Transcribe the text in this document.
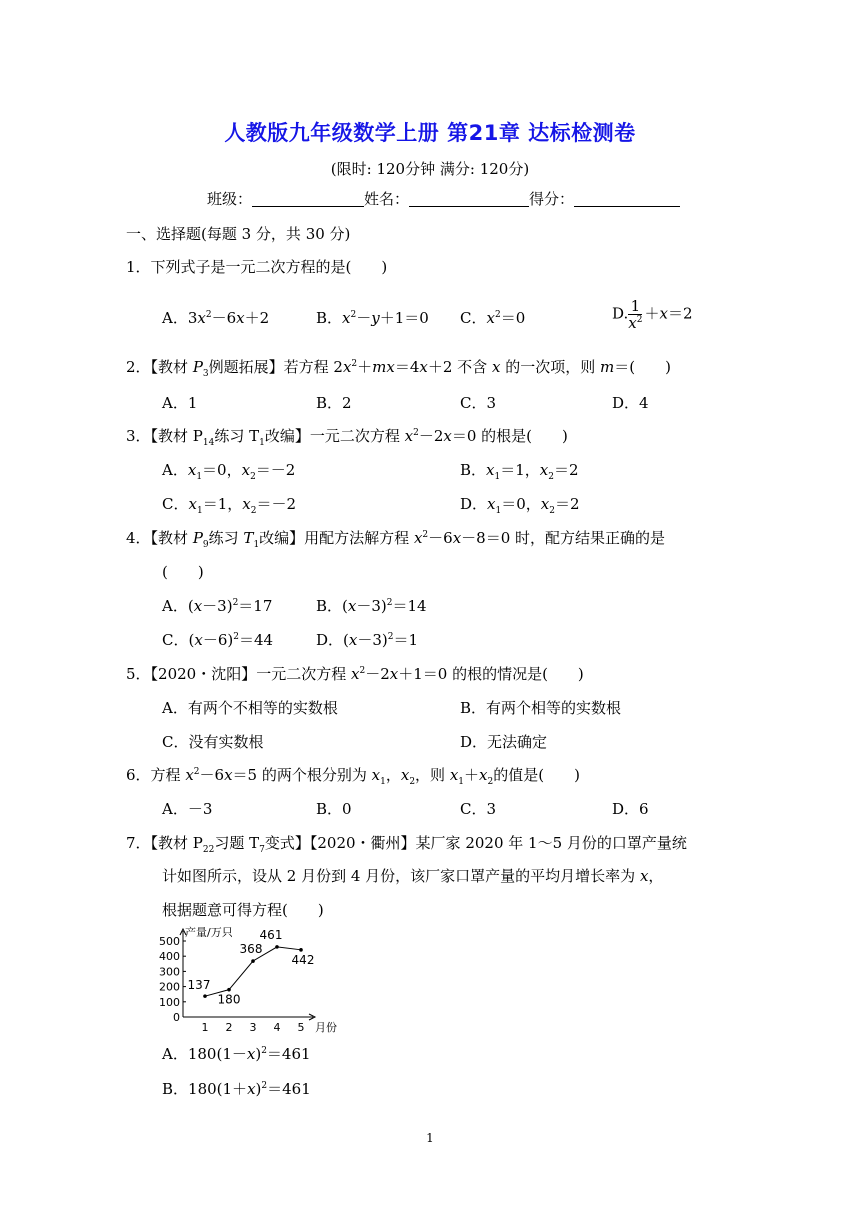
人教版九年级数学上册 第21章 达标检测卷
(限时: 120分钟 满分: 120分)
班级：	姓名：	得分：
一、选择题(每题 3 分，共 30 分)
1．下列式子是一元二次方程的是(　　)
A．$3x^2-6x+2$	B．$x^2-y+1=0$ C．$x^2=0$	D. $\frac{1}{x^2} +x=2$
2．【教材 $P_3$例题拓展】若方程 $2x^2+mx=4x+2$ 不含 x 的一次项，则 m＝(　　)
A．1	B．2	C．3	D．4
3．【教材 $P_{14}$练习 $T_1$改编】一元二次方程 $x^2-2x=0$ 的根是(　　)
A．$x_1=0$，$x_2=-2$	B．$x_1=1$，$x_2=2$
C．$x_1=1$，$x_2=-2$	D．$x_1=0$，$x_2=2$
4．【教材 $P_9$练习 $T_1$改编】用配方法解方程 $x^2-6x-8=0$ 时，配方结果正确的是
(　　)
A．$(x-3)^2=17$	B．$(x-3)^2=14$
C．$(x-6)^2=44$	D．$(x-3)^2=1$
5．【2020・沈阳】一元二次方程 $x^2-2x+1=0$ 的根的情况是(　　)
A．有两个不相等的实数根	B．有两个相等的实数根
C．没有实数根	D．无法确定
6．方程 $x^2-6x=5$ 的两个根分别为 $x_1$，$x_2$，则 $x_1+x_2$的值是(　　)
A．－3	B．0	C．3	D．6
7．【教材 $P_{22}$习题 $T_7$变式】【2020・衢州】某厂家 2020 年 1～5 月份的口罩产量统
计如图所示，设从 2 月份到 4 月份，该厂家口罩产量的平均月增长率为 x，
根据题意可得方程(　　)
产量/万只
0
100
200
300
400
500
1 2 3 4 5 月份
137
180
368
461
442
A．$180(1-x)^2=461$
B．$180(1+x)^2=461$
1
